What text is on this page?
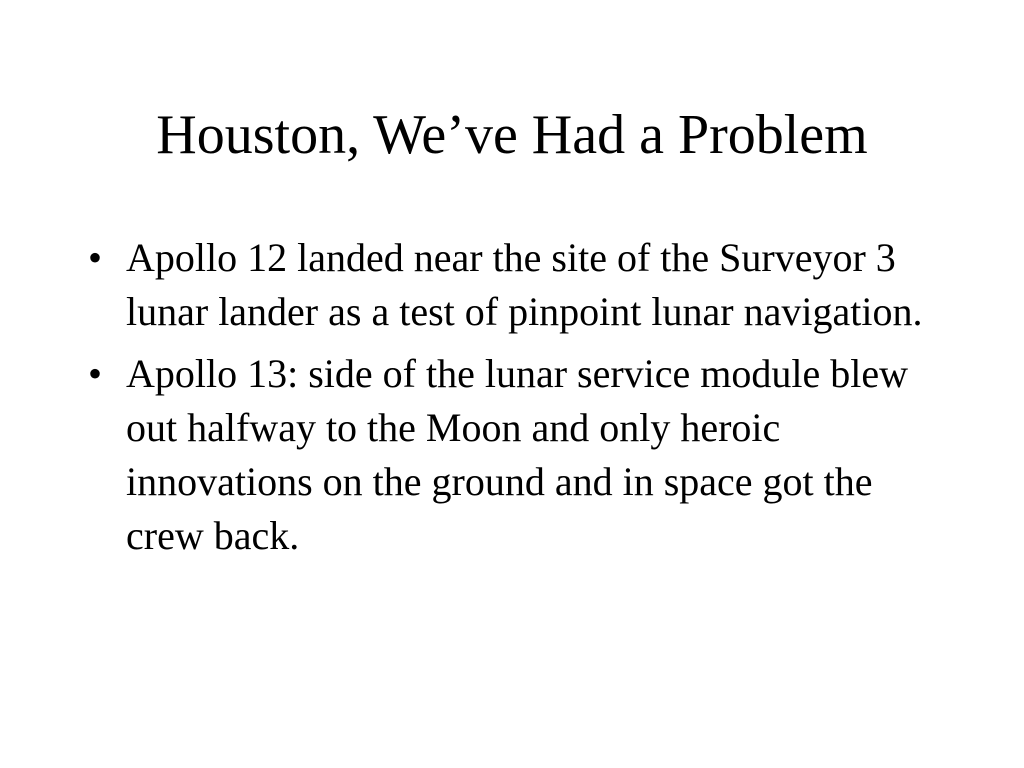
Houston, We’ve Had a Problem
• Apollo 12 landed near the site of the Surveyor 3 lunar lander as a test of pinpoint lunar navigation.
• Apollo 13: side of the lunar service module blew out halfway to the Moon and only heroic innovations on the ground and in space got the crew back.
